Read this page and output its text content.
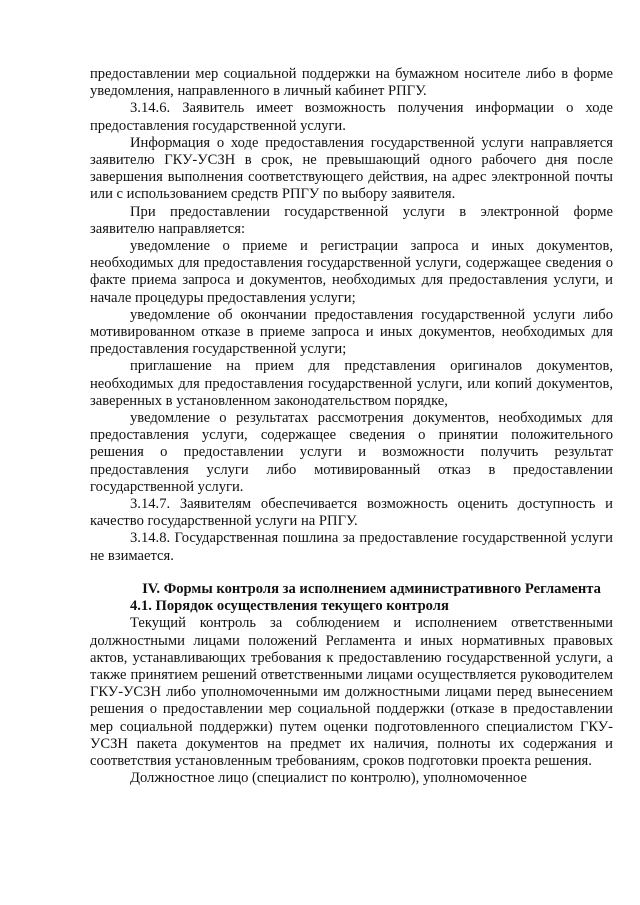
предоставлении мер социальной поддержки на бумажном носителе либо в форме уведомления, направленного в личный кабинет РПГУ.

3.14.6. Заявитель имеет возможность получения информации о ходе предоставления государственной услуги.

Информация о ходе предоставления государственной услуги направляется заявителю ГКУ-УСЗН в срок, не превышающий одного рабочего дня после завершения выполнения соответствующего действия, на адрес электронной почты или с использованием средств РПГУ по выбору заявителя.

При предоставлении государственной услуги в электронной форме заявителю направляется:

уведомление о приеме и регистрации запроса и иных документов, необходимых для предоставления государственной услуги, содержащее сведения о факте приема запроса и документов, необходимых для предоставления услуги, и начале процедуры предоставления услуги;

уведомление об окончании предоставления государственной услуги либо мотивированном отказе в приеме запроса и иных документов, необходимых для предоставления государственной услуги;

приглашение на прием для представления оригиналов документов, необходимых для предоставления государственной услуги, или копий документов, заверенных в установленном законодательством порядке,

уведомление о результатах рассмотрения документов, необходимых для предоставления услуги, содержащее сведения о принятии положительного решения о предоставлении услуги и возможности получить результат предоставления услуги либо мотивированный отказ в предоставлении государственной услуги.

3.14.7. Заявителям обеспечивается возможность оценить доступность и качество государственной услуги на РПГУ.

3.14.8. Государственная пошлина за предоставление государственной услуги не взимается.

IV. Формы контроля за исполнением административного Регламента

4.1. Порядок осуществления текущего контроля

Текущий контроль за соблюдением и исполнением ответственными должностными лицами положений Регламента и иных нормативных правовых актов, устанавливающих требования к предоставлению государственной услуги, а также принятием решений ответственными лицами осуществляется руководителем ГКУ-УСЗН либо уполномоченными им должностными лицами перед вынесением решения о предоставлении мер социальной поддержки (отказе в предоставлении мер социальной поддержки) путем оценки подготовленного специалистом ГКУ-УСЗН пакета документов на предмет их наличия, полноты их содержания и соответствия установленным требованиям, сроков подготовки проекта решения.

Должностное лицо (специалист по контролю), уполномоченное
